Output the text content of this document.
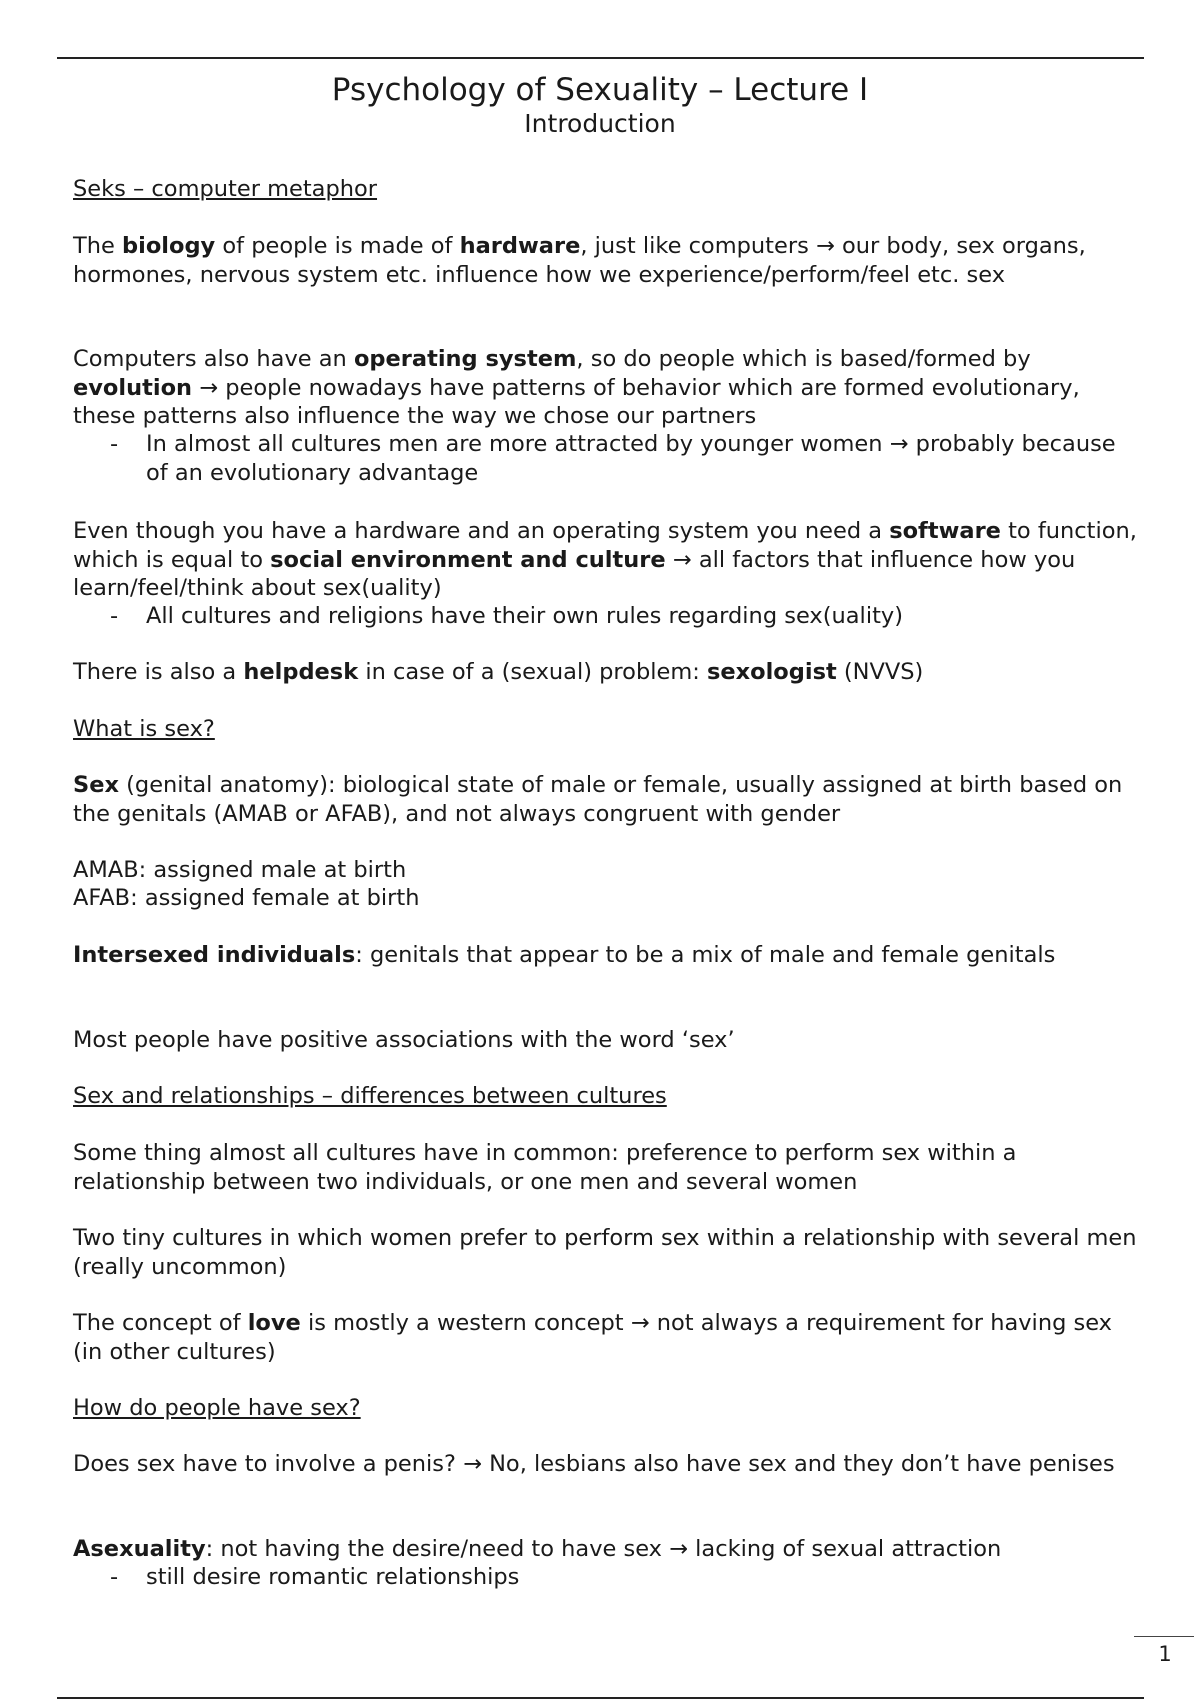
Psychology of Sexuality – Lecture I
Introduction

Seks – computer metaphor

The biology of people is made of hardware, just like computers → our body, sex organs, hormones, nervous system etc. influence how we experience/perform/feel etc. sex

Computers also have an operating system, so do people which is based/formed by evolution → people nowadays have patterns of behavior which are formed evolutionary, these patterns also influence the way we chose our partners

- In almost all cultures men are more attracted by younger women → probably because of an evolutionary advantage

Even though you have a hardware and an operating system you need a software to function, which is equal to social environment and culture → all factors that influence how you learn/feel/think about sex(uality)

- All cultures and religions have their own rules regarding sex(uality)

There is also a helpdesk in case of a (sexual) problem: sexologist (NVVS)

What is sex?

Sex (genital anatomy): biological state of male or female, usually assigned at birth based on the genitals (AMAB or AFAB), and not always congruent with gender

AMAB: assigned male at birth

AFAB: assigned female at birth

Intersexed individuals: genitals that appear to be a mix of male and female genitals

Most people have positive associations with the word ‘sex’

Sex and relationships – differences between cultures

Some thing almost all cultures have in common: preference to perform sex within a relationship between two individuals, or one men and several women

Two tiny cultures in which women prefer to perform sex within a relationship with several men (really uncommon)

The concept of love is mostly a western concept → not always a requirement for having sex (in other cultures)

How do people have sex?

Does sex have to involve a penis? → No, lesbians also have sex and they don’t have penises

Asexuality: not having the desire/need to have sex → lacking of sexual attraction

- still desire romantic relationships
1
